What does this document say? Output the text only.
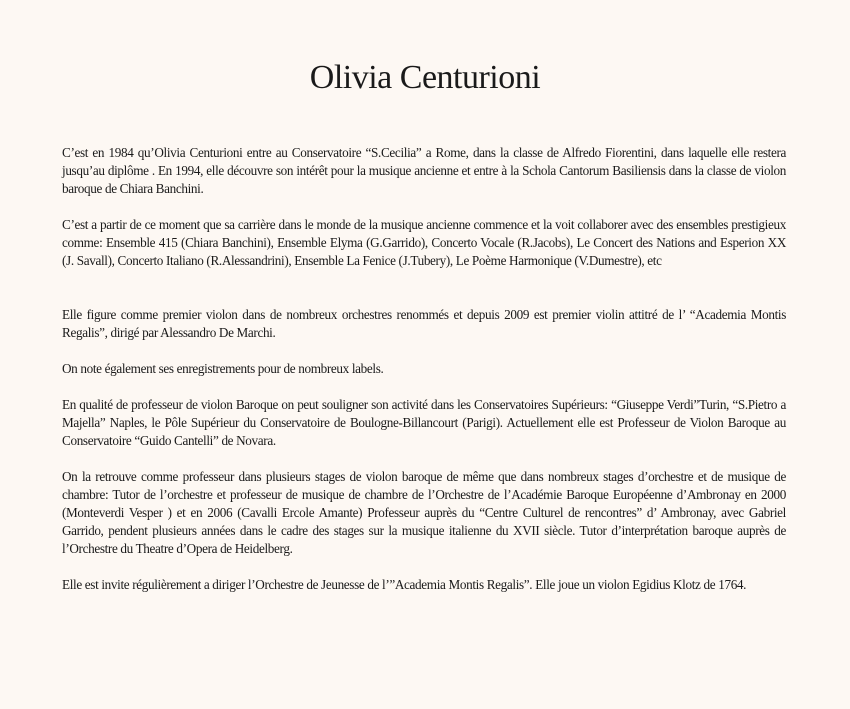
Olivia Centurioni

C’est en 1984 qu’Olivia Centurioni entre au Conservatoire “S.Cecilia” a Rome, dans la classe de Alfredo Fiorentini, dans laquelle elle restera jusqu’au diplôme . En 1994, elle découvre son intérêt pour la musique ancienne et entre à la Schola Cantorum Basiliensis dans la classe de violon baroque de Chiara Banchini.

C’est a partir de ce moment que sa carrière dans le monde de la musique ancienne commence et la voit collaborer avec des ensembles prestigieux comme: Ensemble 415 (Chiara Banchini), Ensemble Elyma (G.Garrido), Concerto Vocale (R.Jacobs), Le Concert des Nations and Esperion XX (J. Savall), Concerto Italiano (R.Alessandrini), Ensemble La Fenice (J.Tubery), Le Poème Harmonique (V.Dumestre), etc

Elle figure comme premier violon dans de nombreux orchestres renommés et depuis 2009 est premier violin attitré de l’ “Academia Montis Regalis”, dirigé par Alessandro De Marchi.

On note également ses enregistrements pour de nombreux labels.

En qualité de professeur de violon Baroque on peut souligner son activité dans les Conservatoires Supérieurs: “Giuseppe Verdi”Turin, “S.Pietro a Majella” Naples, le Pôle Supérieur du Conservatoire de Boulogne-Billancourt (Parigi). Actuellement elle est Professeur de Violon Baroque au Conservatoire “Guido Cantelli” de Novara.

On la retrouve comme professeur dans plusieurs stages de violon baroque de même que dans nombreux stages d’orchestre et de musique de chambre: Tutor de l’orchestre et professeur de musique de chambre de l’Orchestre de l’Académie Baroque Européenne d’Ambronay en 2000 (Monteverdi Vesper ) et en 2006 (Cavalli Ercole Amante) Professeur auprès du “Centre Culturel de rencontres” d’ Ambronay, avec Gabriel Garrido, pendent plusieurs années dans le cadre des stages sur la musique italienne du XVII siècle. Tutor d’interprétation baroque auprès de l’Orchestre du Theatre d’Opera de Heidelberg.

Elle est invite régulièrement a diriger l’Orchestre de Jeunesse de l’”Academia Montis Regalis”. Elle joue un violon Egidius Klotz de 1764.
